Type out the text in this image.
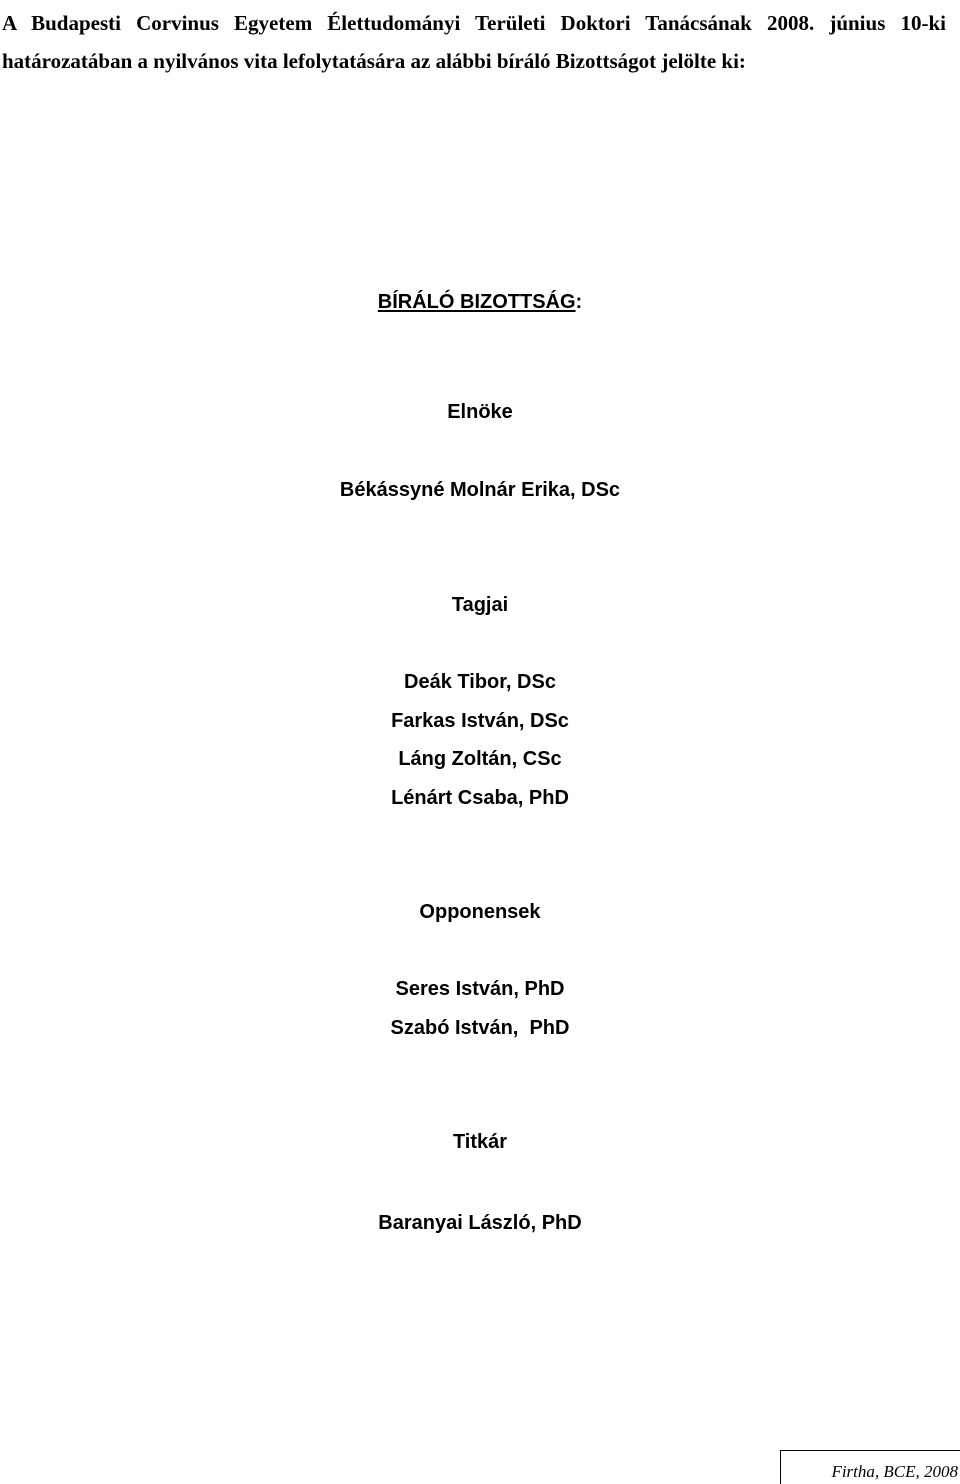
A Budapesti Corvinus Egyetem Élettudományi Területi Doktori Tanácsának 2008. június 10-ki határozatában a nyilvános vita lefolytatására az alábbi bíráló Bizottságot jelölte ki:

BÍRÁLÓ BIZOTTSÁG:
Elnöke
Békássyné Molnár Erika, DSc
Tagjai
Deák Tibor, DSc
Farkas István, DSc
Láng Zoltán, CSc
Lénárt Csaba, PhD
Opponensek
Seres István, PhD
Szabó István,  PhD
Titkár
Baranyai László, PhD
Firtha, BCE, 2008
